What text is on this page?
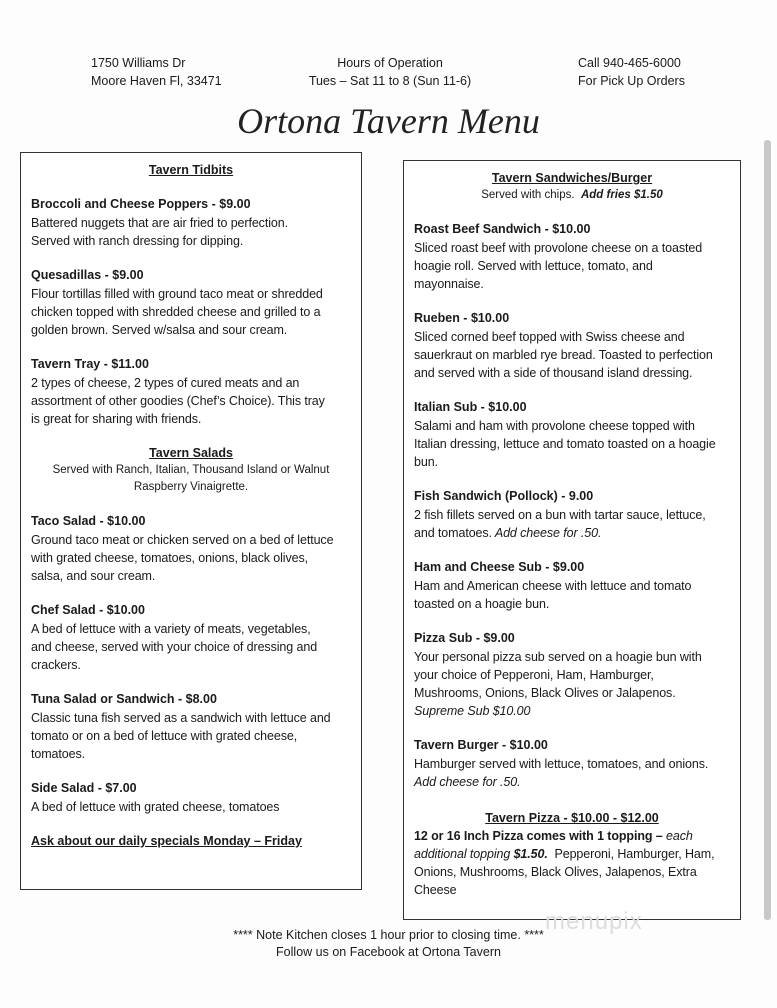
1750 Williams Dr
Moore Haven Fl, 33471
Hours of Operation
Tues – Sat 11 to 8 (Sun 11-6)
Call 940-465-6000
For Pick Up Orders
Ortona Tavern Menu
Tavern Tidbits
Broccoli and Cheese Poppers - $9.00
Battered nuggets that are air fried to perfection.
Served with ranch dressing for dipping.
Quesadillas - $9.00
Flour tortillas filled with ground taco meat or shredded
chicken topped with shredded cheese and grilled to a
golden brown. Served w/salsa and sour cream.
Tavern Tray - $11.00
2 types of cheese, 2 types of cured meats and an
assortment of other goodies (Chef’s Choice). This tray
is great for sharing with friends.
Tavern Salads
Served with Ranch, Italian, Thousand Island or Walnut
Raspberry Vinaigrette.
Taco Salad - $10.00
Ground taco meat or chicken served on a bed of lettuce
with grated cheese, tomatoes, onions, black olives,
salsa, and sour cream.
Chef Salad - $10.00
A bed of lettuce with a variety of meats, vegetables,
and cheese, served with your choice of dressing and
crackers.
Tuna Salad or Sandwich - $8.00
Classic tuna fish served as a sandwich with lettuce and
tomato or on a bed of lettuce with grated cheese,
tomatoes.
Side Salad - $7.00
A bed of lettuce with grated cheese, tomatoes
Ask about our daily specials Monday – Friday
Tavern Sandwiches/Burger
Served with chips. Add fries $1.50
Roast Beef Sandwich - $10.00
Sliced roast beef with provolone cheese on a toasted
hoagie roll. Served with lettuce, tomato, and
mayonnaise.
Rueben - $10.00
Sliced corned beef topped with Swiss cheese and
sauerkraut on marbled rye bread. Toasted to perfection
and served with a side of thousand island dressing.
Italian Sub - $10.00
Salami and ham with provolone cheese topped with
Italian dressing, lettuce and tomato toasted on a hoagie
bun.
Fish Sandwich (Pollock) - 9.00
2 fish fillets served on a bun with tartar sauce, lettuce,
and tomatoes. Add cheese for .50.
Ham and Cheese Sub - $9.00
Ham and American cheese with lettuce and tomato
toasted on a hoagie bun.
Pizza Sub - $9.00
Your personal pizza sub served on a hoagie bun with
your choice of Pepperoni, Ham, Hamburger,
Mushrooms, Onions, Black Olives or Jalapenos.
Supreme Sub $10.00
Tavern Burger - $10.00
Hamburger served with lettuce, tomatoes, and onions.
Add cheese for .50.
Tavern Pizza - $10.00 - $12.00
12 or 16 Inch Pizza comes with 1 topping – each
additional topping $1.50. Pepperoni, Hamburger, Ham,
Onions, Mushrooms, Black Olives, Jalapenos, Extra
Cheese
**** Note Kitchen closes 1 hour prior to closing time. ****
Follow us on Facebook at Ortona Tavern
menupix
